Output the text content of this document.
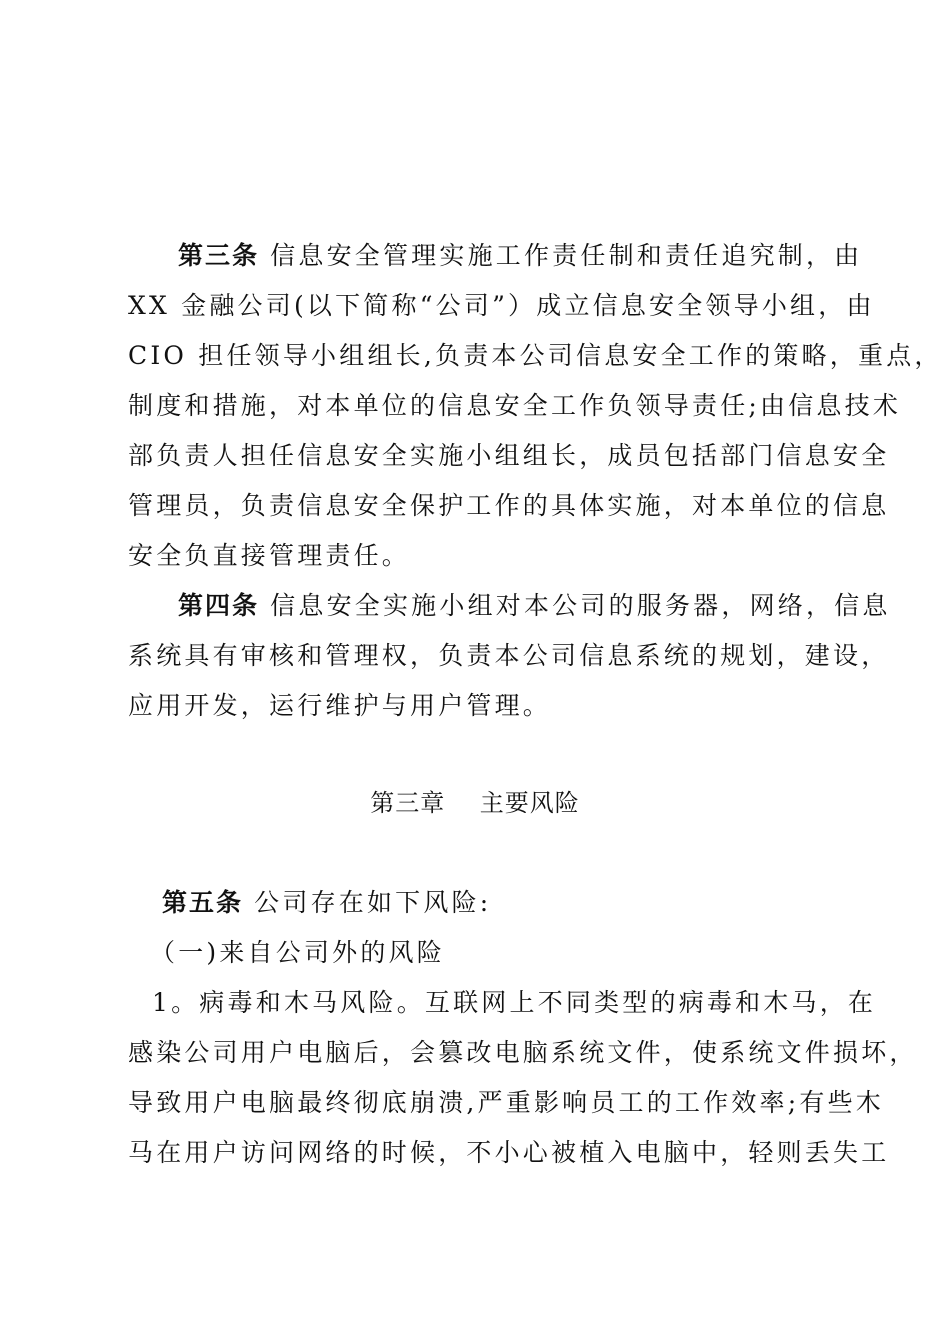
第三条 信息安全管理实施工作责任制和责任追究制，由
XX 金融公司(以下简称“公司”）成立信息安全领导小组，由
CIO 担任领导小组组长,负责本公司信息安全工作的策略，重点，
制度和措施，对本单位的信息安全工作负领导责任;由信息技术
部负责人担任信息安全实施小组组长，成员包括部门信息安全
管理员，负责信息安全保护工作的具体实施，对本单位的信息
安全负直接管理责任。
第四条 信息安全实施小组对本公司的服务器，网络，信息
系统具有审核和管理权，负责本公司信息系统的规划，建设，
应用开发，运行维护与用户管理。
第三章    主要风险
第五条 公司存在如下风险:
（一)来自公司外的风险
1。病毒和木马风险。互联网上不同类型的病毒和木马，在
感染公司用户电脑后，会篡改电脑系统文件，使系统文件损坏，
导致用户电脑最终彻底崩溃,严重影响员工的工作效率;有些木
马在用户访问网络的时候，不小心被植入电脑中，轻则丢失工
